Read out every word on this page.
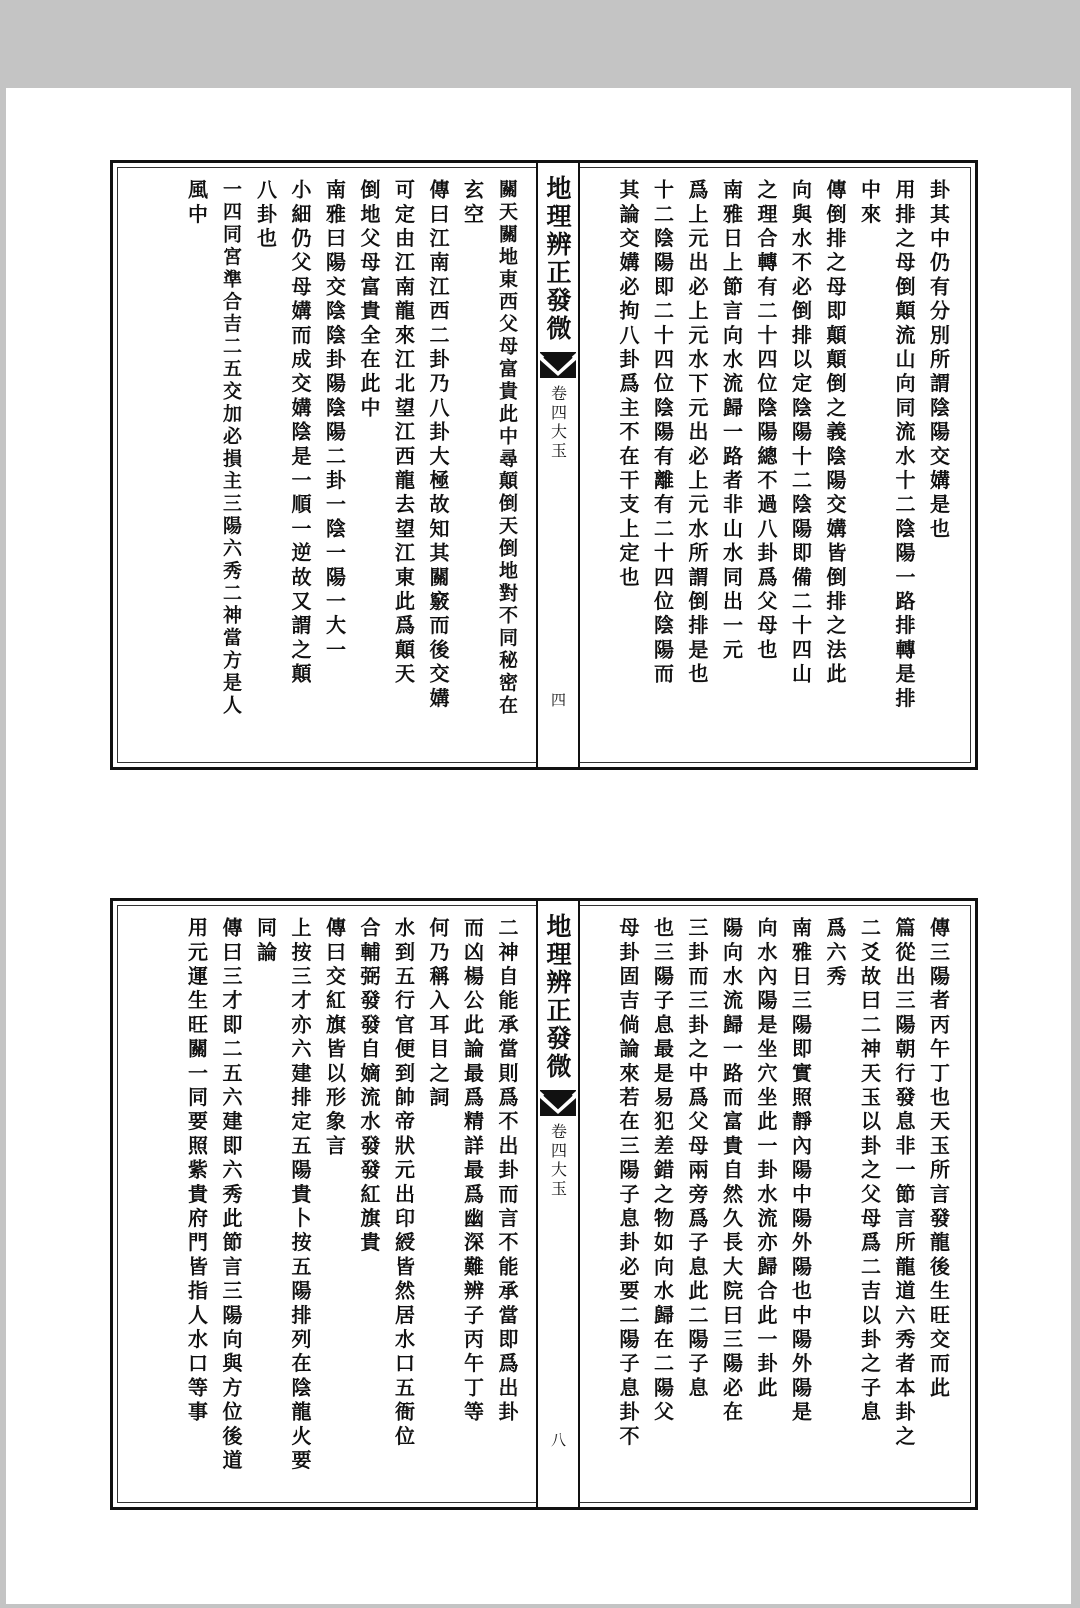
地理辨正發微
卷四大玉
四
卦其中仍有分別所謂陰陽交媾是也
用排之母倒顛流山向同流水十二陰陽一路排轉是排
中來
傳倒排之母即顛顛倒之義陰陽交媾皆倒排之法此
向與水不必倒排以定陰陽十二陰陽即備二十四山
之理合轉有二十四位陰陽總不過八卦爲父母也
南雅日上節言向水流歸一路者非山水同出一元
爲上元出必上元水下元出必上元水所謂倒排是也
十二陰陽即二十四位陰陽有離有二十四位陰陽而
其論交媾必拘八卦爲主不在干支上定也
關天關地東西父母富貴此中尋顛倒天倒地對不同秘密在
玄空
傳曰江南江西二卦乃八卦大極故知其關竅而後交媾
可定由江南龍來江北望江西龍去望江東此爲顛天
倒地父母富貴全在此中
南雅曰陽交陰陰卦陽陰陽二卦一陰一陽一大一
小細仍父母媾而成交媾陰是一順一逆故又謂之顛
八卦也
一四同宮準合吉二五交加必損主三陽六秀二神當方是人
風中
地理辨正發微
卷四大玉
八
傳三陽者丙午丁也天玉所言發龍後生旺交而此
篇從出三陽朝行發息非一節言所龍道六秀者本卦之
二爻故曰二神天玉以卦之父母爲二吉以卦之子息
爲六秀
南雅日三陽即實照靜內陽中陽外陽也中陽外陽是
向水內陽是坐穴坐此一卦水流亦歸合此一卦此
陽向水流歸一路而富貴自然久長大院曰三陽必在
三卦而三卦之中爲父母兩旁爲子息此二陽子息
也三陽子息最是易犯差錯之物如向水歸在二陽父
母卦固吉倘論來若在三陽子息卦必要二陽子息卦不
二神自能承當則爲不出卦而言不能承當即爲出卦
而凶楊公此論最爲精詳最爲幽深難辨子丙午丁等
何乃稱入耳目之詞
水到五行官便到帥帝狀元出印綬皆然居水口五衙位
合輔弼發發自嫡流水發發紅旗貴
傳曰交紅旗皆以形象言
上按三才亦六建排定五陽貴卜按五陽排列在陰龍火要
同論
傳曰三才即二五六建即六秀此節言三陽向與方位後道
用元運生旺關一同要照紫貴府門皆指人水口等事
